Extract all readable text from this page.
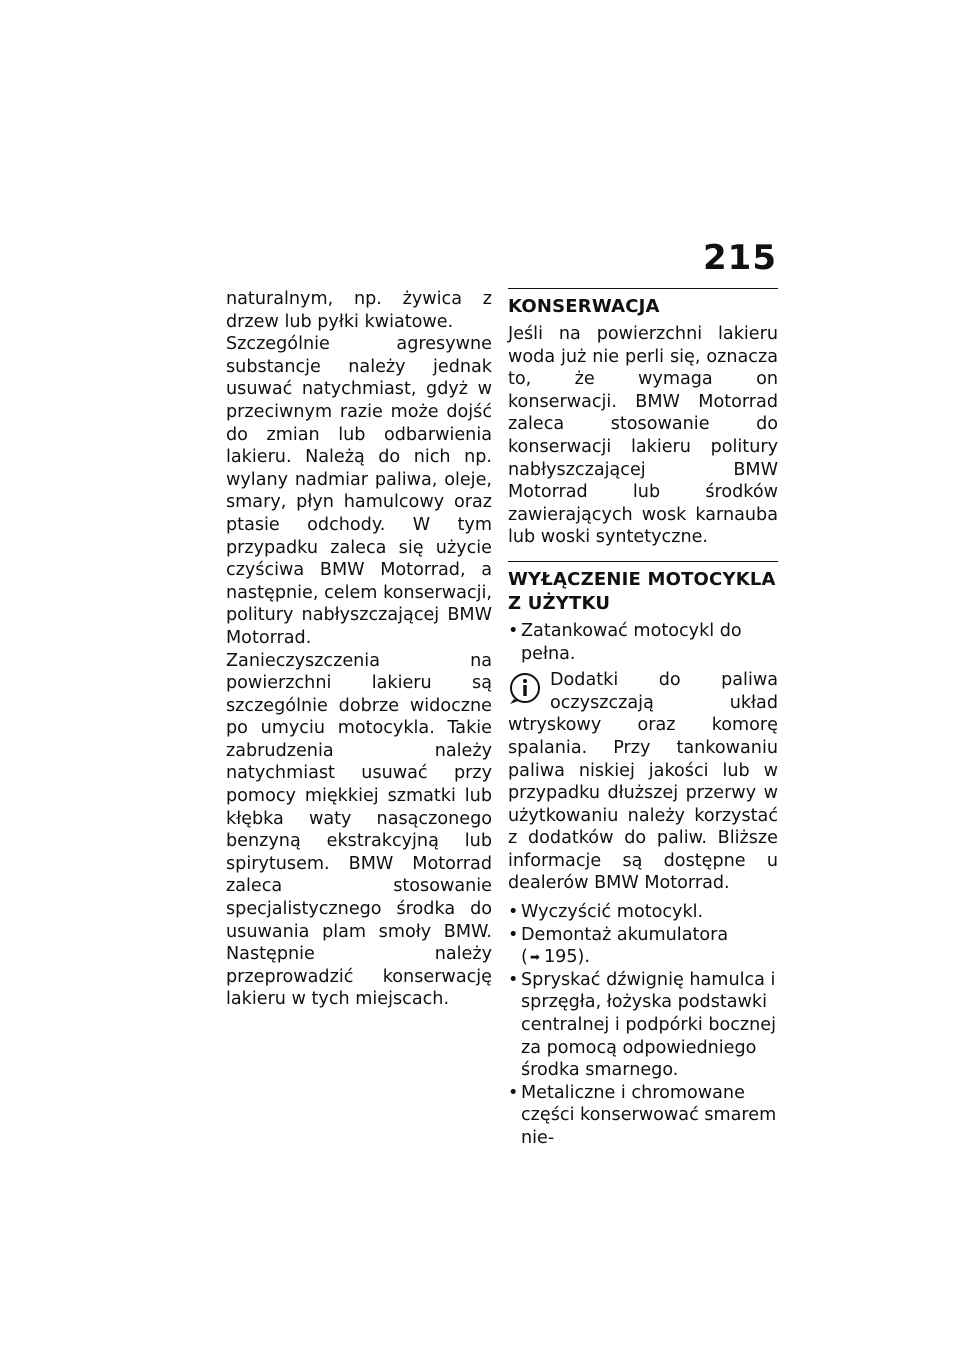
215

naturalnym, np. żywica z drzew lub pyłki kwiatowe.

Szczególnie agresywne substancje należy jednak usuwać natychmiast, gdyż w przeciwnym razie może dojść do zmian lub odbarwienia lakieru. Należą do nich np. wylany nadmiar paliwa, oleje, smary, płyn hamulcowy oraz ptasie odchody. W tym przypadku zaleca się użycie czyściwa BMW Motorrad, a następnie, celem konserwacji, politury nabłyszczającej BMW Motorrad.

Zanieczyszczenia na powierzchni lakieru są szczególnie dobrze widoczne po umyciu motocykla. Takie zabrudzenia należy natychmiast usuwać przy pomocy miękkiej szmatki lub kłębka waty nasączonego benzyną ekstrakcyjną lub spirytusem. BMW Motorrad zaleca stosowanie specjalistycznego środka do usuwania plam smoły BMW. Następnie należy przeprowadzić konserwację lakieru w tych miejscach.

KONSERWACJA

Jeśli na powierzchni lakieru woda już nie perli się, oznacza to, że wymaga on konserwacji. BMW Motorrad zaleca stosowanie do konserwacji lakieru politury nabłyszczającej BMW Motorrad lub środków zawierających wosk karnauba lub woski syntetyczne.

WYŁĄCZENIE MOTOCYKLA Z UŻYTKU
• Zatankować motocykl do pełna.
Dodatki do paliwa oczyszczają układ wtryskowy oraz komorę spalania. Przy tankowaniu paliwa niskiej jakości lub w przypadku dłuższej przerwy w użytkowaniu należy korzystać z dodatków do paliw. Bliższe informacje są dostępne u dealerów BMW Motorrad.
• Wyczyścić motocykl.
• Demontaż akumulatora
( ➡ 195).
• Spryskać dźwignię hamulca i sprzęgła, łożyska podstawki centralnej i podpórki bocznej za pomocą odpowiedniego środka smarnego.
• Metaliczne i chromowane części konserwować smarem nie-
